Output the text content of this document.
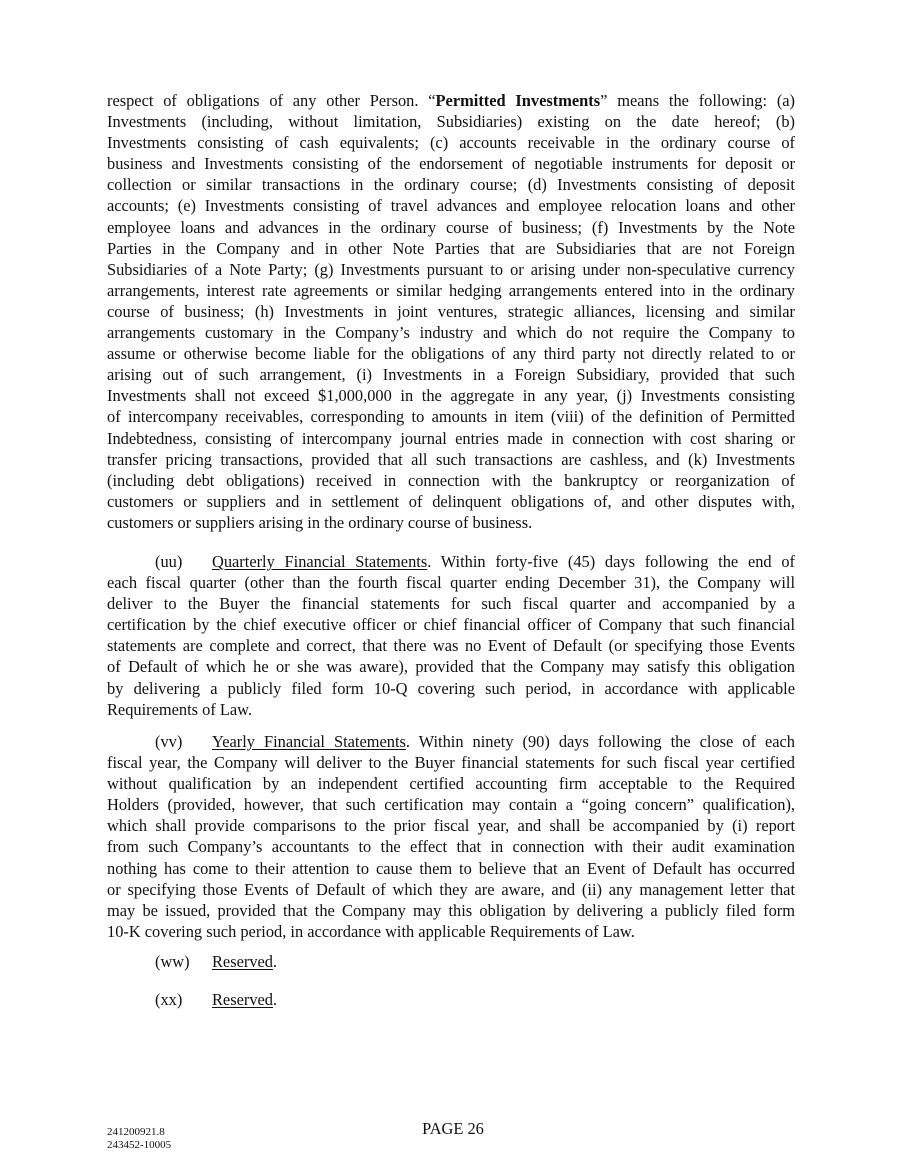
respect of obligations of any other Person. “Permitted Investments” means the following: (a)
Investments (including, without limitation, Subsidiaries) existing on the date hereof; (b)
Investments consisting of cash equivalents; (c) accounts receivable in the ordinary course of
business and Investments consisting of the endorsement of negotiable instruments for deposit or
collection or similar transactions in the ordinary course; (d) Investments consisting of deposit
accounts; (e) Investments consisting of travel advances and employee relocation loans and other
employee loans and advances in the ordinary course of business; (f) Investments by the Note
Parties in the Company and in other Note Parties that are Subsidiaries that are not Foreign
Subsidiaries of a Note Party; (g) Investments pursuant to or arising under non-speculative currency
arrangements, interest rate agreements or similar hedging arrangements entered into in the ordinary
course of business; (h) Investments in joint ventures, strategic alliances, licensing and similar
arrangements customary in the Company’s industry and which do not require the Company to
assume or otherwise become liable for the obligations of any third party not directly related to or
arising out of such arrangement, (i) Investments in a Foreign Subsidiary, provided that such
Investments shall not exceed $1,000,000 in the aggregate in any year, (j) Investments consisting
of intercompany receivables, corresponding to amounts in item (viii) of the definition of Permitted
Indebtedness, consisting of intercompany journal entries made in connection with cost sharing or
transfer pricing transactions, provided that all such transactions are cashless, and (k) Investments
(including debt obligations) received in connection with the bankruptcy or reorganization of
customers or suppliers and in settlement of delinquent obligations of, and other disputes with,
customers or suppliers arising in the ordinary course of business.
(uu) Quarterly Financial Statements. Within forty-five (45) days following the end of
each fiscal quarter (other than the fourth fiscal quarter ending December 31), the Company will
deliver to the Buyer the financial statements for such fiscal quarter and accompanied by a
certification by the chief executive officer or chief financial officer of Company that such financial
statements are complete and correct, that there was no Event of Default (or specifying those Events
of Default of which he or she was aware), provided that the Company may satisfy this obligation
by delivering a publicly filed form 10-Q covering such period, in accordance with applicable
Requirements of Law.
(vv) Yearly Financial Statements. Within ninety (90) days following the close of each
fiscal year, the Company will deliver to the Buyer financial statements for such fiscal year certified
without qualification by an independent certified accounting firm acceptable to the Required
Holders (provided, however, that such certification may contain a “going concern” qualification),
which shall provide comparisons to the prior fiscal year, and shall be accompanied by (i) report
from such Company’s accountants to the effect that in connection with their audit examination
nothing has come to their attention to cause them to believe that an Event of Default has occurred
or specifying those Events of Default of which they are aware, and (ii) any management letter that
may be issued, provided that the Company may this obligation by delivering a publicly filed form
10-K covering such period, in accordance with applicable Requirements of Law.
(ww) Reserved.
(xx) Reserved.
241200921.8
243452-10005
PAGE 26
